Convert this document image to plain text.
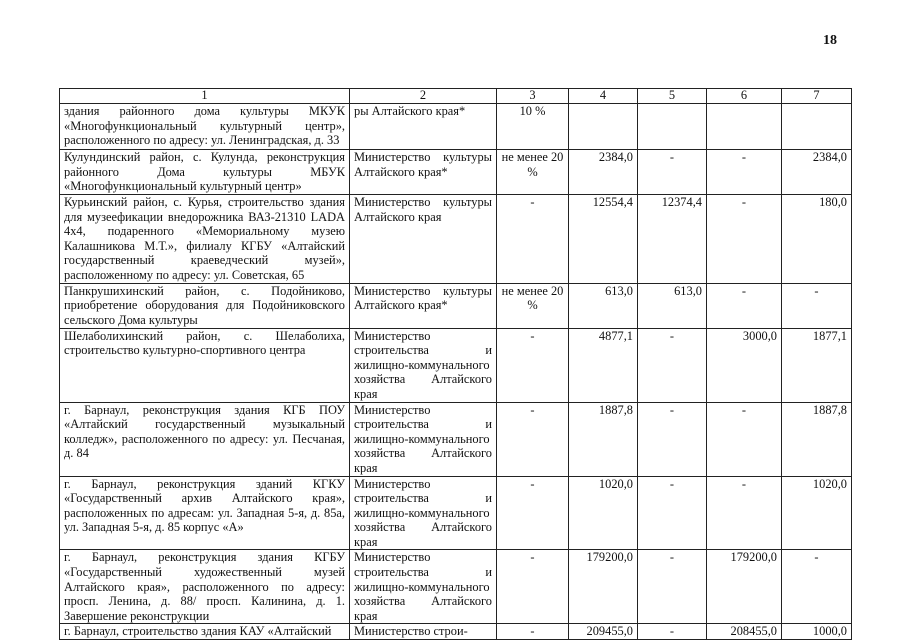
18
1	2	3	4	5	6	7
здания районного дома культуры МКУК «Многофункциональный культурный центр», расположенного по адресу: ул. Ленинградская, д. 33	ры Алтайского края*	10 %				
Кулундинский район, с. Кулунда, реконструкция районного Дома культуры МБУК «Многофункциональный культурный центр»	Министерство культуры Алтайского края*	не менее 20 %	2384,0	-	-	2384,0
Курьинский район, с. Курья, строительство здания для музеефикации внедорожника ВАЗ-21310 LADA 4x4, подаренного «Мемориальному музею Калашникова М.Т.», филиалу КГБУ «Алтайский государственный краеведческий музей», расположенному по адресу: ул. Советская, 65	Министерство культуры Алтайского края	-	12554,4	12374,4	-	180,0
Панкрушихинский район, с. Подойниково, приобретение оборудования для Подойниковского сельского Дома культуры	Министерство культуры Алтайского края*	не менее 20 %	613,0	613,0	-	-
Шелаболихинский район, с. Шелаболиха, строительство культурно-спортивного центра	Министерство строительства и жилищно-коммунального хозяйства Алтайского края	-	4877,1	-	3000,0	1877,1
г. Барнаул, реконструкция здания КГБ ПОУ «Алтайский государственный музыкальный колледж», расположенного по адресу: ул. Песчаная, д. 84	Министерство строительства и жилищно-коммунального хозяйства Алтайского края	-	1887,8	-	-	1887,8
г. Барнаул, реконструкция зданий КГКУ «Государственный архив Алтайского края», расположенных по адресам: ул. Западная 5-я, д. 85а, ул. Западная 5-я, д. 85 корпус «А»	Министерство строительства и жилищно-коммунального хозяйства Алтайского края	-	1020,0	-	-	1020,0
г. Барнаул, реконструкция здания КГБУ «Государственный художественный музей Алтайского края», расположенного по адресу: просп. Ленина, д. 88/ просп. Калинина, д. 1. Завершение реконструкции	Министерство строительства и жилищно-коммунального хозяйства Алтайского края	-	179200,0	-	179200,0	-
г. Барнаул, строительство здания КАУ «Алтайский	Министерство строи-	-	209455,0	-	208455,0	1000,0
